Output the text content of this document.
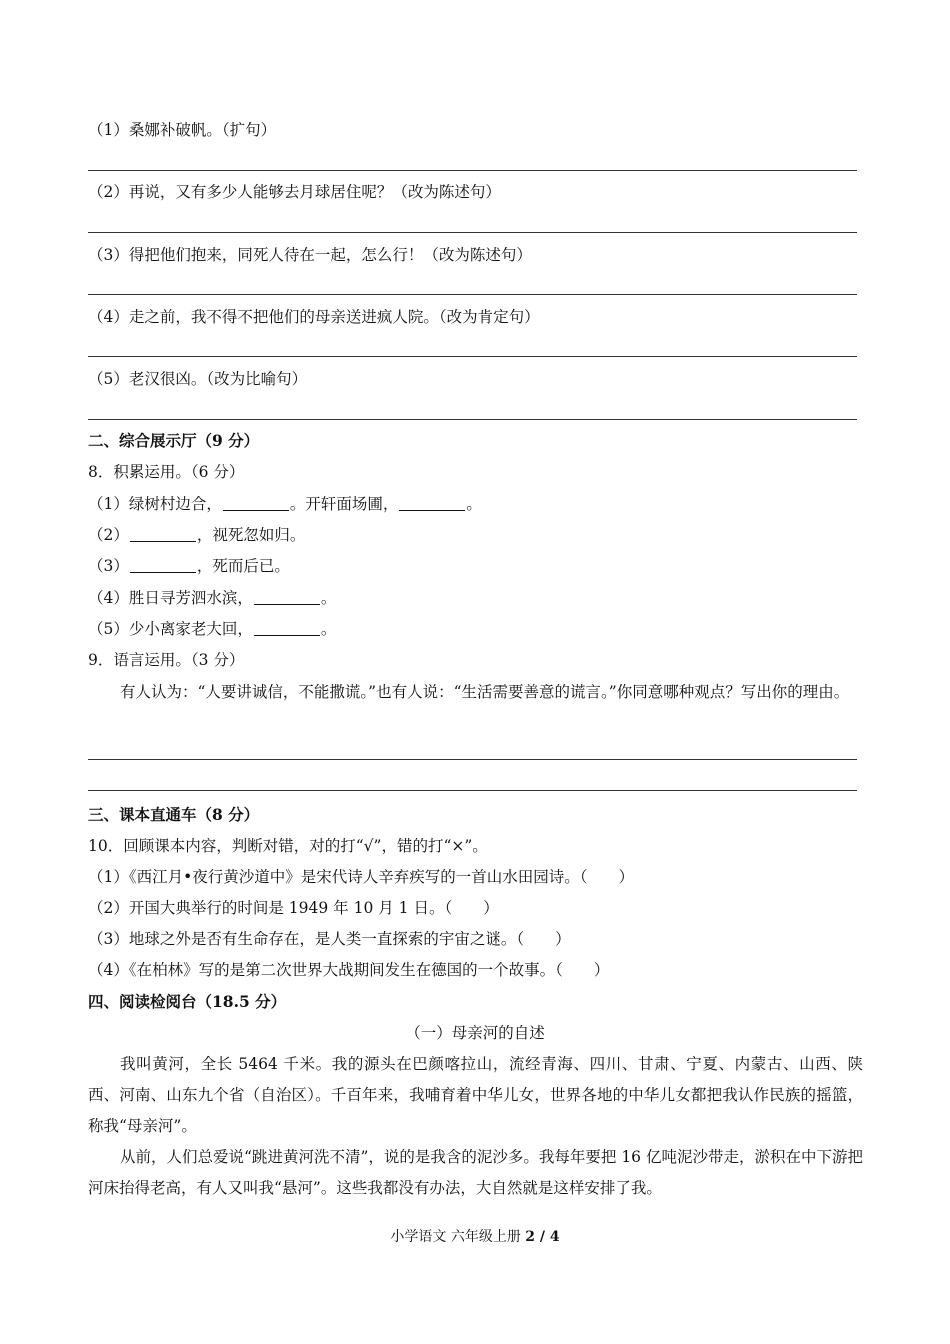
（1）桑娜补破帆。（扩句）
（2）再说，又有多少人能够去月球居住呢？（改为陈述句）
（3）得把他们抱来，同死人待在一起，怎么行！（改为陈述句）
（4）走之前，我不得不把他们的母亲送进疯人院。（改为肯定句）
（5）老汉很凶。（改为比喻句）
二、综合展示厅（9 分）
8．积累运用。（6 分）
（1）绿树村边合，	。开轩面场圃，	。
（2）	，视死忽如归。
（3）	，死而后已。
（4）胜日寻芳泗水滨，	。
（5）少小离家老大回，	。
9．语言运用。（3 分）
有人认为：“人要讲诚信，不能撒谎。”也有人说：“生活需要善意的谎言。”你同意哪种观点？写出你的理由。
三、课本直通车（8 分）
10．回顾课本内容，判断对错，对的打“√”，错的打“×”。
（1）《西江月•夜行黄沙道中》是宋代诗人辛弃疾写的一首山水田园诗。（　　）
（2）开国大典举行的时间是 1949 年 10 月 1 日。（　　）
（3）地球之外是否有生命存在，是人类一直探索的宇宙之谜。（　　）
（4）《在柏林》写的是第二次世界大战期间发生在德国的一个故事。（　　）
四、阅读检阅台（18.5 分）
（一）母亲河的自述
我叫黄河，全长 5464 千米。我的源头在巴颜喀拉山，流经青海、四川、甘肃、宁夏、内蒙古、山西、陕西、河南、山东九个省（自治区）。千百年来，我哺育着中华儿女，世界各地的中华儿女都把我认作民族的摇篮，称我“母亲河”。
从前，人们总爱说“跳进黄河洗不清”，说的是我含的泥沙多。我每年要把 16 亿吨泥沙带走，淤积在中下游把河床抬得老高，有人又叫我“悬河”。这些我都没有办法，大自然就是这样安排了我。
小学语文 六年级上册 2 / 4
